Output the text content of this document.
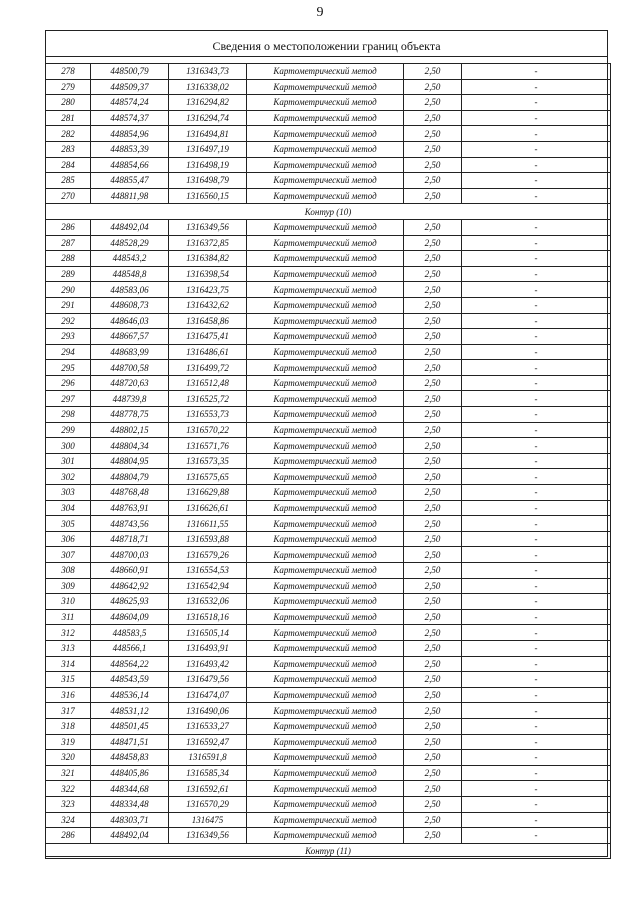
9
Сведения о местоположении границ объекта
278	448500,79	1316343,73	Картометрический метод	2,50	-
279	448509,37	1316338,02	Картометрический метод	2,50	-
280	448574,24	1316294,82	Картометрический метод	2,50	-
281	448574,37	1316294,74	Картометрический метод	2,50	-
282	448854,96	1316494,81	Картометрический метод	2,50	-
283	448853,39	1316497,19	Картометрический метод	2,50	-
284	448854,66	1316498,19	Картометрический метод	2,50	-
285	448855,47	1316498,79	Картометрический метод	2,50	-
270	448811,98	1316560,15	Картометрический метод	2,50	-
Контур (10)					
286	448492,04	1316349,56	Картометрический метод	2,50	-
287	448528,29	1316372,85	Картометрический метод	2,50	-
288	448543,2	1316384,82	Картометрический метод	2,50	-
289	448548,8	1316398,54	Картометрический метод	2,50	-
290	448583,06	1316423,75	Картометрический метод	2,50	-
291	448608,73	1316432,62	Картометрический метод	2,50	-
292	448646,03	1316458,86	Картометрический метод	2,50	-
293	448667,57	1316475,41	Картометрический метод	2,50	-
294	448683,99	1316486,61	Картометрический метод	2,50	-
295	448700,58	1316499,72	Картометрический метод	2,50	-
296	448720,63	1316512,48	Картометрический метод	2,50	-
297	448739,8	1316525,72	Картометрический метод	2,50	-
298	448778,75	1316553,73	Картометрический метод	2,50	-
299	448802,15	1316570,22	Картометрический метод	2,50	-
300	448804,34	1316571,76	Картометрический метод	2,50	-
301	448804,95	1316573,35	Картометрический метод	2,50	-
302	448804,79	1316575,65	Картометрический метод	2,50	-
303	448768,48	1316629,88	Картометрический метод	2,50	-
304	448763,91	1316626,61	Картометрический метод	2,50	-
305	448743,56	1316611,55	Картометрический метод	2,50	-
306	448718,71	1316593,88	Картометрический метод	2,50	-
307	448700,03	1316579,26	Картометрический метод	2,50	-
308	448660,91	1316554,53	Картометрический метод	2,50	-
309	448642,92	1316542,94	Картометрический метод	2,50	-
310	448625,93	1316532,06	Картометрический метод	2,50	-
311	448604,09	1316518,16	Картометрический метод	2,50	-
312	448583,5	1316505,14	Картометрический метод	2,50	-
313	448566,1	1316493,91	Картометрический метод	2,50	-
314	448564,22	1316493,42	Картометрический метод	2,50	-
315	448543,59	1316479,56	Картометрический метод	2,50	-
316	448536,14	1316474,07	Картометрический метод	2,50	-
317	448531,12	1316490,06	Картометрический метод	2,50	-
318	448501,45	1316533,27	Картометрический метод	2,50	-
319	448471,51	1316592,47	Картометрический метод	2,50	-
320	448458,83	1316591,8	Картометрический метод	2,50	-
321	448405,86	1316585,34	Картометрический метод	2,50	-
322	448344,68	1316592,61	Картометрический метод	2,50	-
323	448334,48	1316570,29	Картометрический метод	2,50	-
324	448303,71	1316475	Картометрический метод	2,50	-
286	448492,04	1316349,56	Картометрический метод	2,50	-
Контур (11)					
